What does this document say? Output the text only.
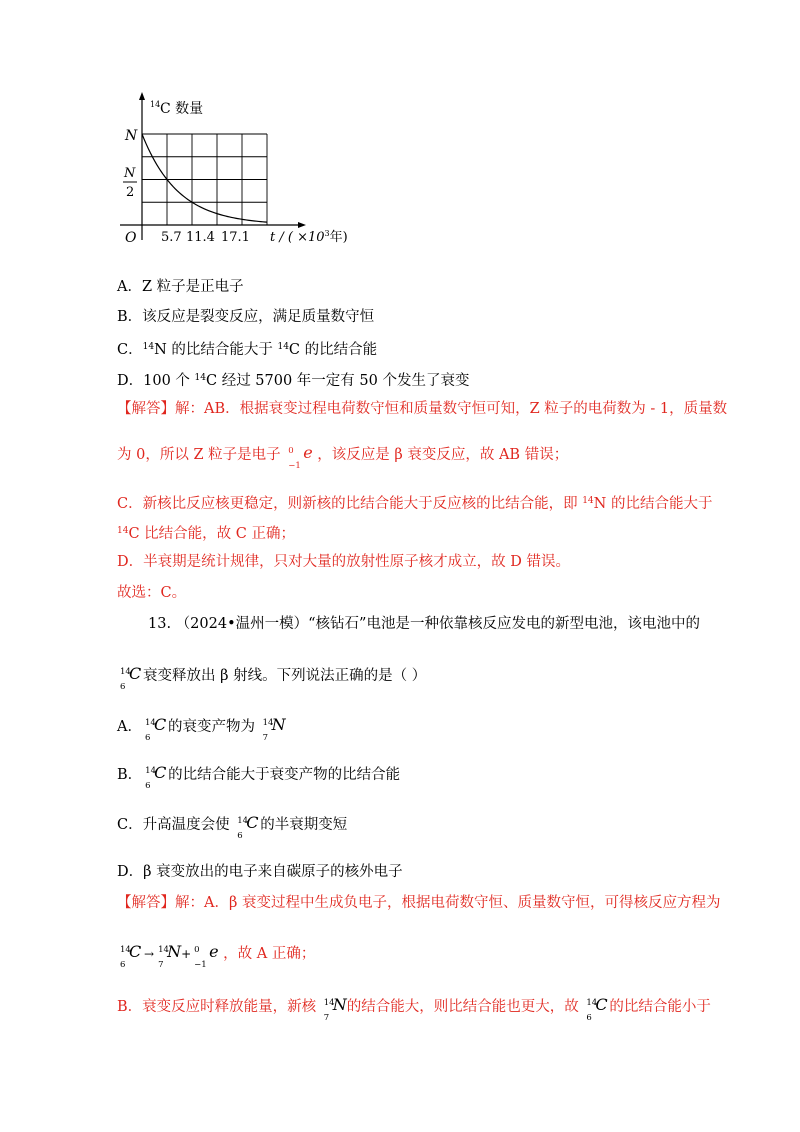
14 C 数量
N
N
2
O 5.7 11.4 17.1 t / ( $\times 10^3$年)
A．Z 粒子是正电子
B．该反应是裂变反应，满足质量数守恒
C．$^{14}$N 的比结合能大于 $^{14}$C 的比结合能
D．100 个 $^{14}$C 经过 5700 年一定有 50 个发生了衰变
【解答】解：AB．根据衰变过程电荷数守恒和质量数守恒可知，Z 粒子的电荷数为 - 1，质量数
为 0，所以 Z 粒子是电子 0
−1
e ，该反应是 β 衰变反应，故 AB 错误；
C．新核比反应核更稳定，则新核的比结合能大于反应核的比结合能，即 $^{14}$N 的比结合能大于
$^{14}$C 比结合能，故 C 正确；
D．半衰期是统计规律，只对大量的放射性原子核才成立，故 D 错误。
故选：C。
13. （2024•温州一模）“核钻石”电池是一种依靠核反应发电的新型电池，该电池中的
14
6
C 衰变释放出 β 射线。下列说法正确的是（ ）
A． 14
6
C 的衰变产物为 14
7
N
B． 14
6
C 的比结合能大于衰变产物的比结合能
C．升高温度会使 14
6
C 的半衰期变短
D．β 衰变放出的电子来自碳原子的核外电子
【解答】解：A．β 衰变过程中生成负电子，根据电荷数守恒、质量数守恒，可得核反应方程为
14
6
C → 14
7
N + 0
−1
e ，故 A 正确；
B．衰变反应时释放能量，新核 14
7
N 的结合能大，则比结合能也更大，故 14
6
C 的比结合能小于
